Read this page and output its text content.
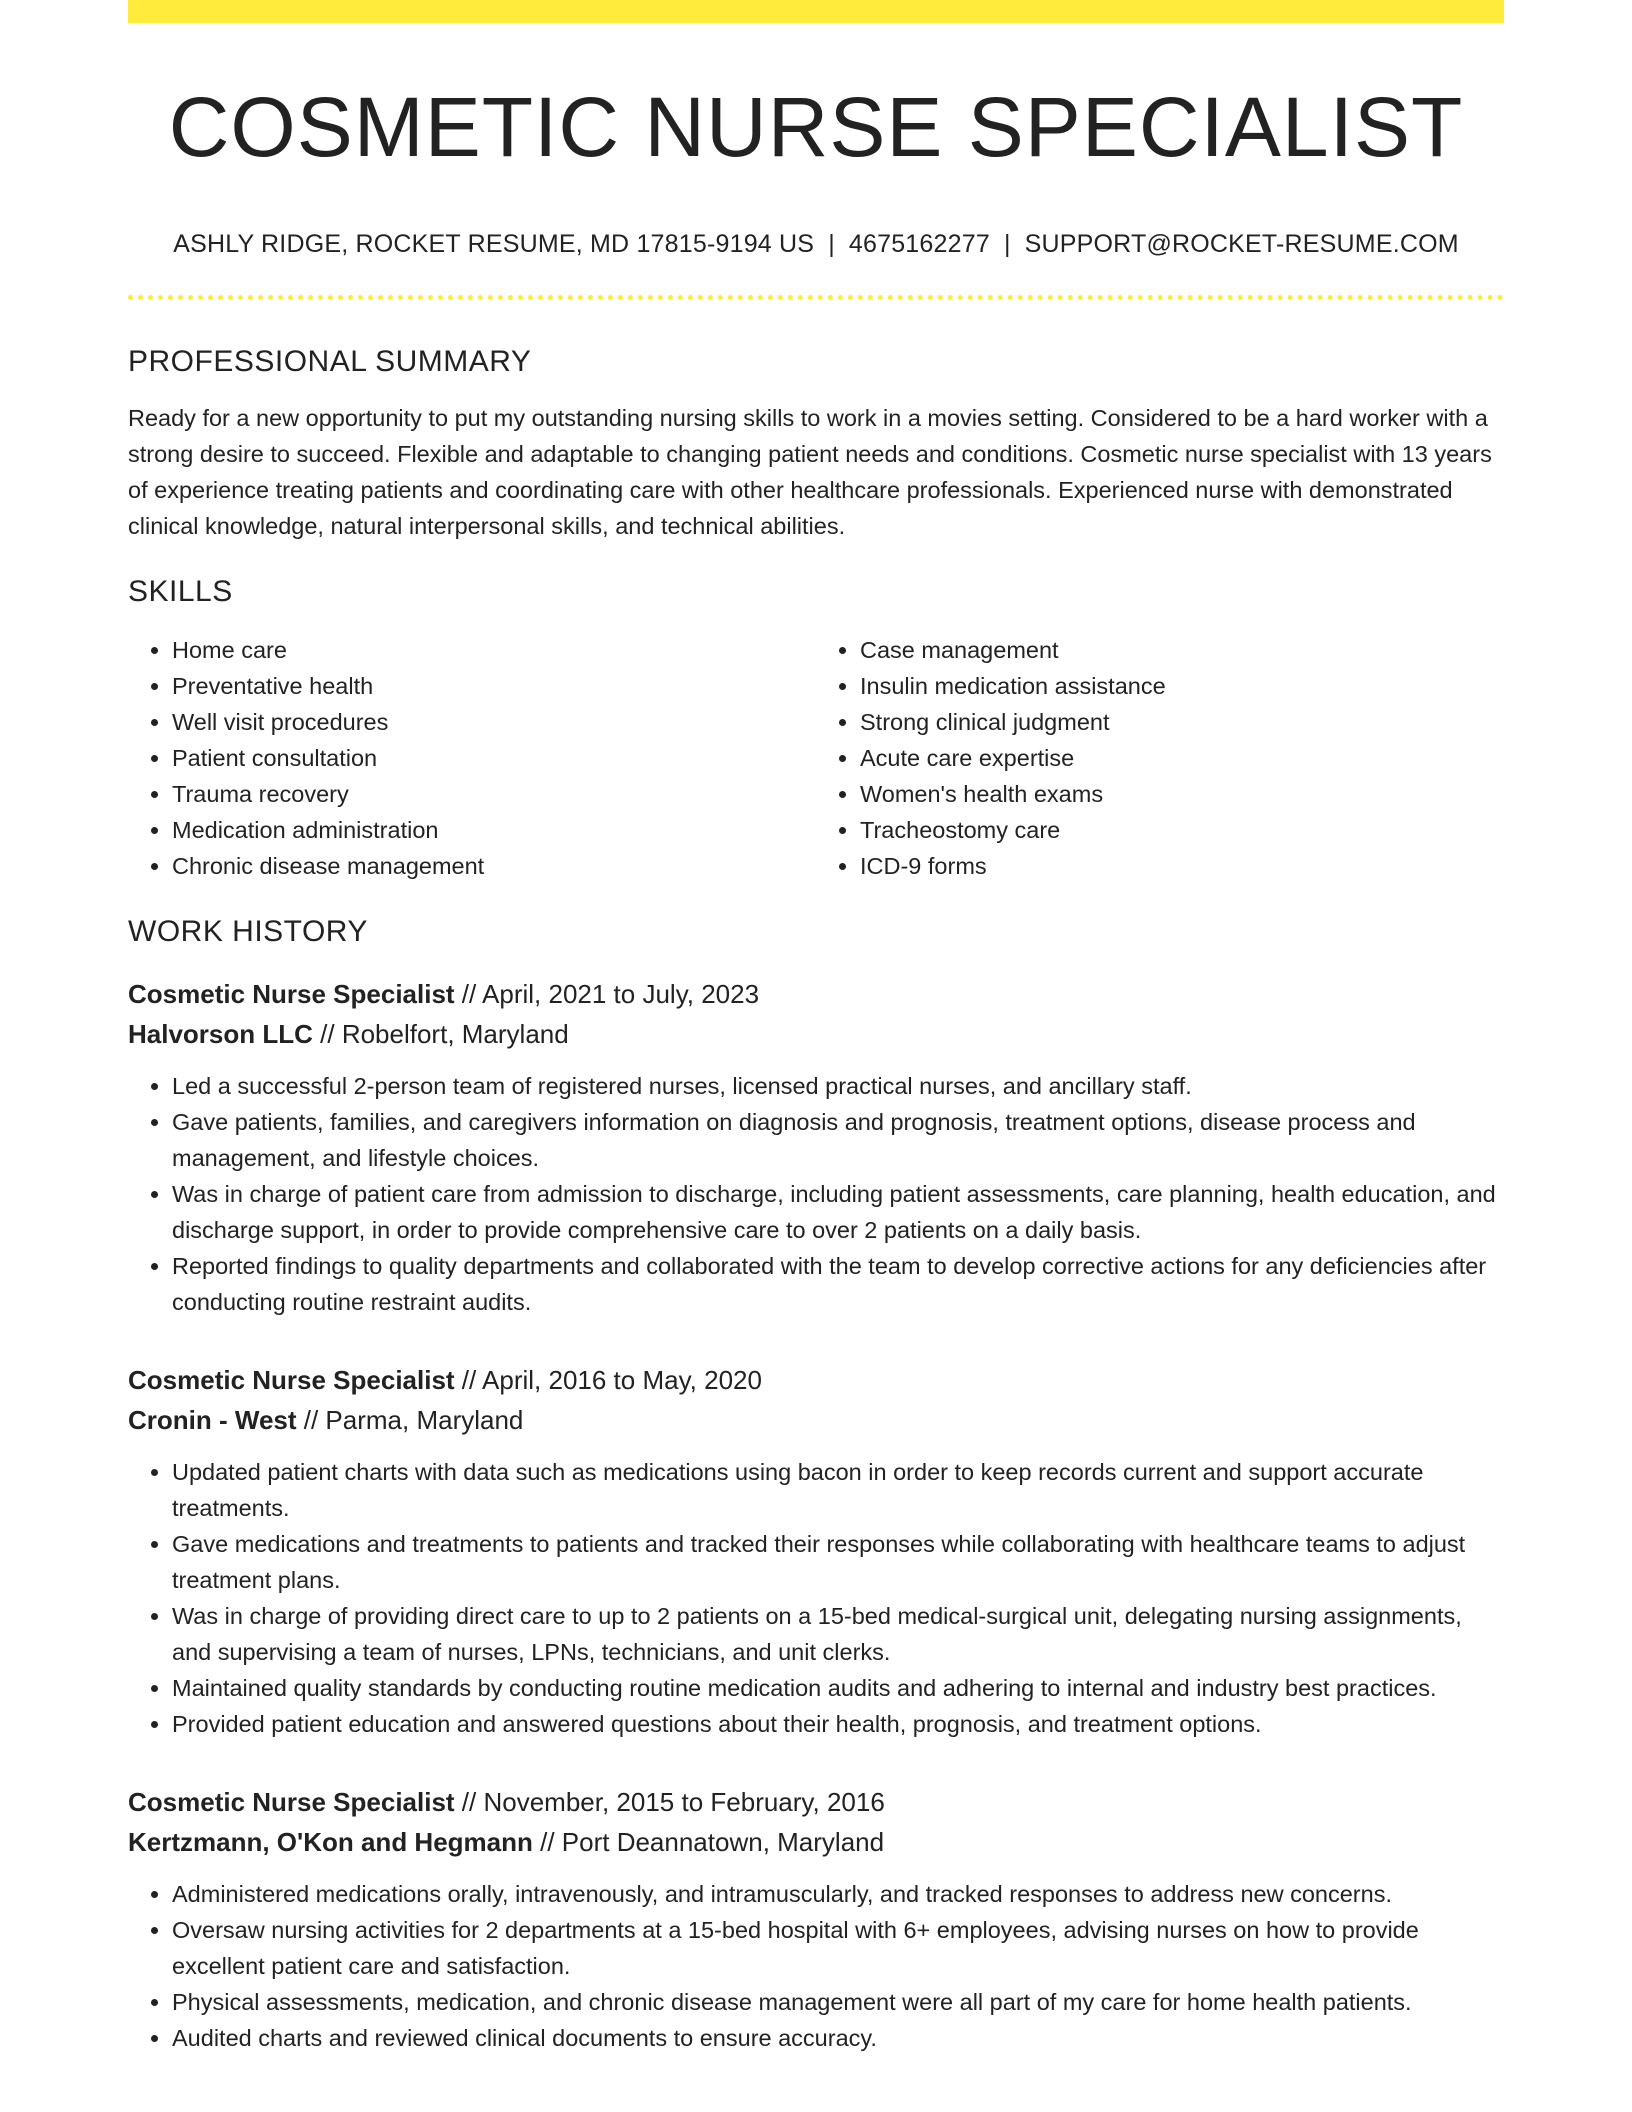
COSMETIC NURSE SPECIALIST
ASHLY RIDGE, ROCKET RESUME, MD 17815-9194 US | 4675162277 | SUPPORT@ROCKET-RESUME.COM
PROFESSIONAL SUMMARY
Ready for a new opportunity to put my outstanding nursing skills to work in a movies setting. Considered to be a hard worker with a strong desire to succeed. Flexible and adaptable to changing patient needs and conditions. Cosmetic nurse specialist with 13 years of experience treating patients and coordinating care with other healthcare professionals. Experienced nurse with demonstrated clinical knowledge, natural interpersonal skills, and technical abilities.
SKILLS
• Home care
• Preventative health
• Well visit procedures
• Patient consultation
• Trauma recovery
• Medication administration
• Chronic disease management
• Case management
• Insulin medication assistance
• Strong clinical judgment
• Acute care expertise
• Women's health exams
• Tracheostomy care
• ICD-9 forms
WORK HISTORY
Cosmetic Nurse Specialist // April, 2021 to July, 2023
Halvorson LLC // Robelfort, Maryland
• Led a successful 2-person team of registered nurses, licensed practical nurses, and ancillary staff.
• Gave patients, families, and caregivers information on diagnosis and prognosis, treatment options, disease process and management, and lifestyle choices.
• Was in charge of patient care from admission to discharge, including patient assessments, care planning, health education, and discharge support, in order to provide comprehensive care to over 2 patients on a daily basis.
• Reported findings to quality departments and collaborated with the team to develop corrective actions for any deficiencies after conducting routine restraint audits.
Cosmetic Nurse Specialist // April, 2016 to May, 2020
Cronin - West // Parma, Maryland
• Updated patient charts with data such as medications using bacon in order to keep records current and support accurate treatments.
• Gave medications and treatments to patients and tracked their responses while collaborating with healthcare teams to adjust treatment plans.
• Was in charge of providing direct care to up to 2 patients on a 15-bed medical-surgical unit, delegating nursing assignments, and supervising a team of nurses, LPNs, technicians, and unit clerks.
• Maintained quality standards by conducting routine medication audits and adhering to internal and industry best practices.
• Provided patient education and answered questions about their health, prognosis, and treatment options.
Cosmetic Nurse Specialist // November, 2015 to February, 2016
Kertzmann, O'Kon and Hegmann // Port Deannatown, Maryland
• Administered medications orally, intravenously, and intramuscularly, and tracked responses to address new concerns.
• Oversaw nursing activities for 2 departments at a 15-bed hospital with 6+ employees, advising nurses on how to provide excellent patient care and satisfaction.
• Physical assessments, medication, and chronic disease management were all part of my care for home health patients.
• Audited charts and reviewed clinical documents to ensure accuracy.
